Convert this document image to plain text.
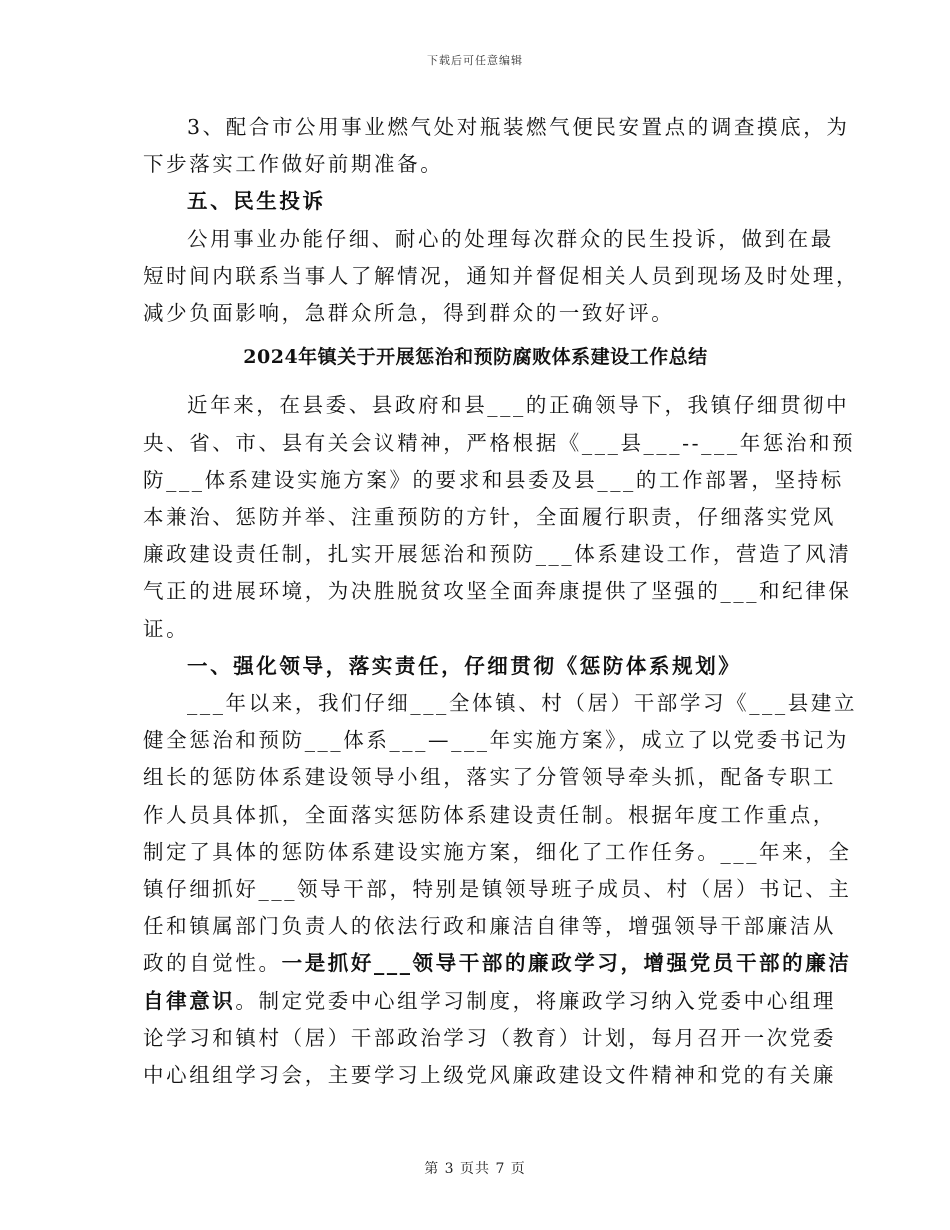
下载后可任意编辑

3、配合市公用事业燃气处对瓶装燃气便民安置点的调查摸底，为
下步落实工作做好前期准备。

五、民生投诉

公用事业办能仔细、耐心的处理每次群众的民生投诉，做到在最
短时间内联系当事人了解情况，通知并督促相关人员到现场及时处理，
减少负面影响，急群众所急，得到群众的一致好评。

2024年镇关于开展惩治和预防腐败体系建设工作总结

近年来，在县委、县政府和县___的正确领导下，我镇仔细贯彻中
央、省、市、县有关会议精神，严格根据《___县___--___年惩治和预
防___体系建设实施方案》的要求和县委及县___的工作部署，坚持标
本兼治、惩防并举、注重预防的方针，全面履行职责，仔细落实党风
廉政建设责任制，扎实开展惩治和预防___体系建设工作，营造了风清
气正的进展环境，为决胜脱贫攻坚全面奔康提供了坚强的___和纪律保
证。

一、强化领导，落实责任，仔细贯彻《惩防体系规划》

___年以来，我们仔细___全体镇、村（居）干部学习《___县建立
健全惩治和预防___体系___—___年实施方案》，成立了以党委书记为
组长的惩防体系建设领导小组，落实了分管领导牵头抓，配备专职工
作人员具体抓，全面落实惩防体系建设责任制。根据年度工作重点，
制定了具体的惩防体系建设实施方案，细化了工作任务。___年来，全
镇仔细抓好___领导干部，特别是镇领导班子成员、村（居）书记、主
任和镇属部门负责人的依法行政和廉洁自律等，增强领导干部廉洁从
政的自觉性。一是抓好___领导干部的廉政学习，增强党员干部的廉洁
自律意识。制定党委中心组学习制度，将廉政学习纳入党委中心组理
论学习和镇村（居）干部政治学习（教育）计划，每月召开一次党委
中心组组学习会，主要学习上级党风廉政建设文件精神和党的有关廉

第 3 页共 7 页
